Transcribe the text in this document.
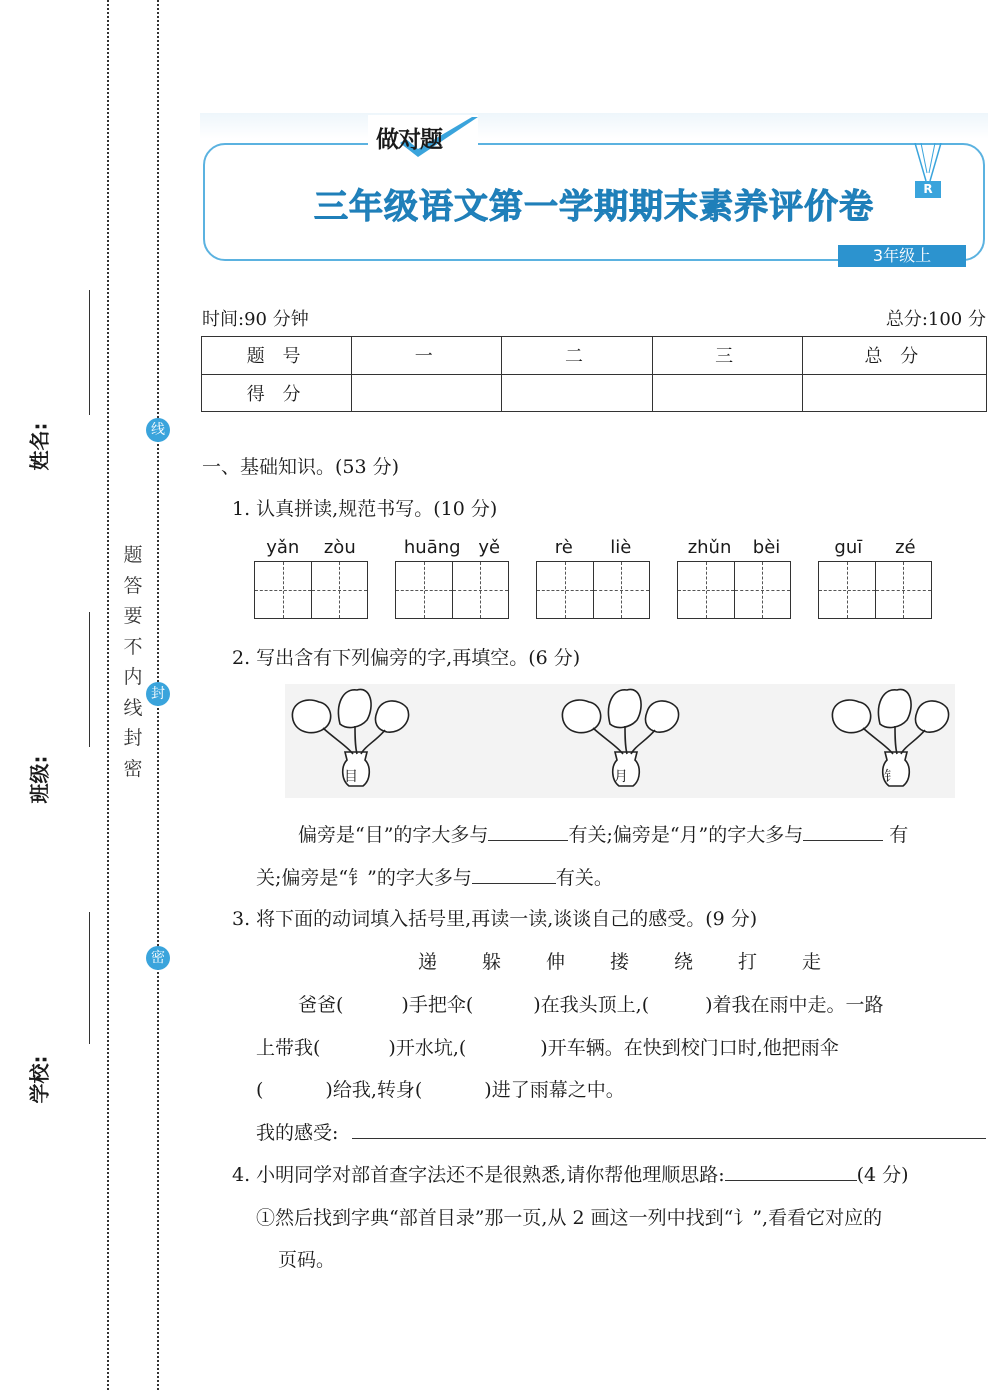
姓名:
班级:
学校:
题
答
要
不
内
线
封
密
线
封
密
做对题
R
三年级语文第一学期期末素养评价卷
3年级上
时间:90 分钟	总分:100 分
题 号	一	二	三	总 分
得 分				
一、基础知识。(53 分)
1. 认真拼读,规范书写。(10 分)
yǎn zòu	huāng yě	rè liè	zhǔn bèi	guī zé
2. 写出含有下列偏旁的字,再填空。(6 分)
目	月	钅
偏旁是“目”的字大多与	有关;偏旁是“月”的字大多与	有
关;偏旁是“钅”的字大多与	有关。
3. 将下面的动词填入括号里,再读一读,谈谈自己的感受。(9 分)
递 躲 伸 搂 绕 打 走
爸爸(	)手把伞(	)在我头顶上,(	)着我在雨中走。一路
上带我(	)开水坑,(	)开车辆。在快到校门口时,他把雨伞
(	)给我,转身(	)进了雨幕之中。
我的感受:
4. 小明同学对部首查字法还不是很熟悉,请你帮他理顺思路:	(4 分)
①然后找到字典“部首目录”那一页,从 2 画这一列中找到“讠”,看看它对应的
页码。
